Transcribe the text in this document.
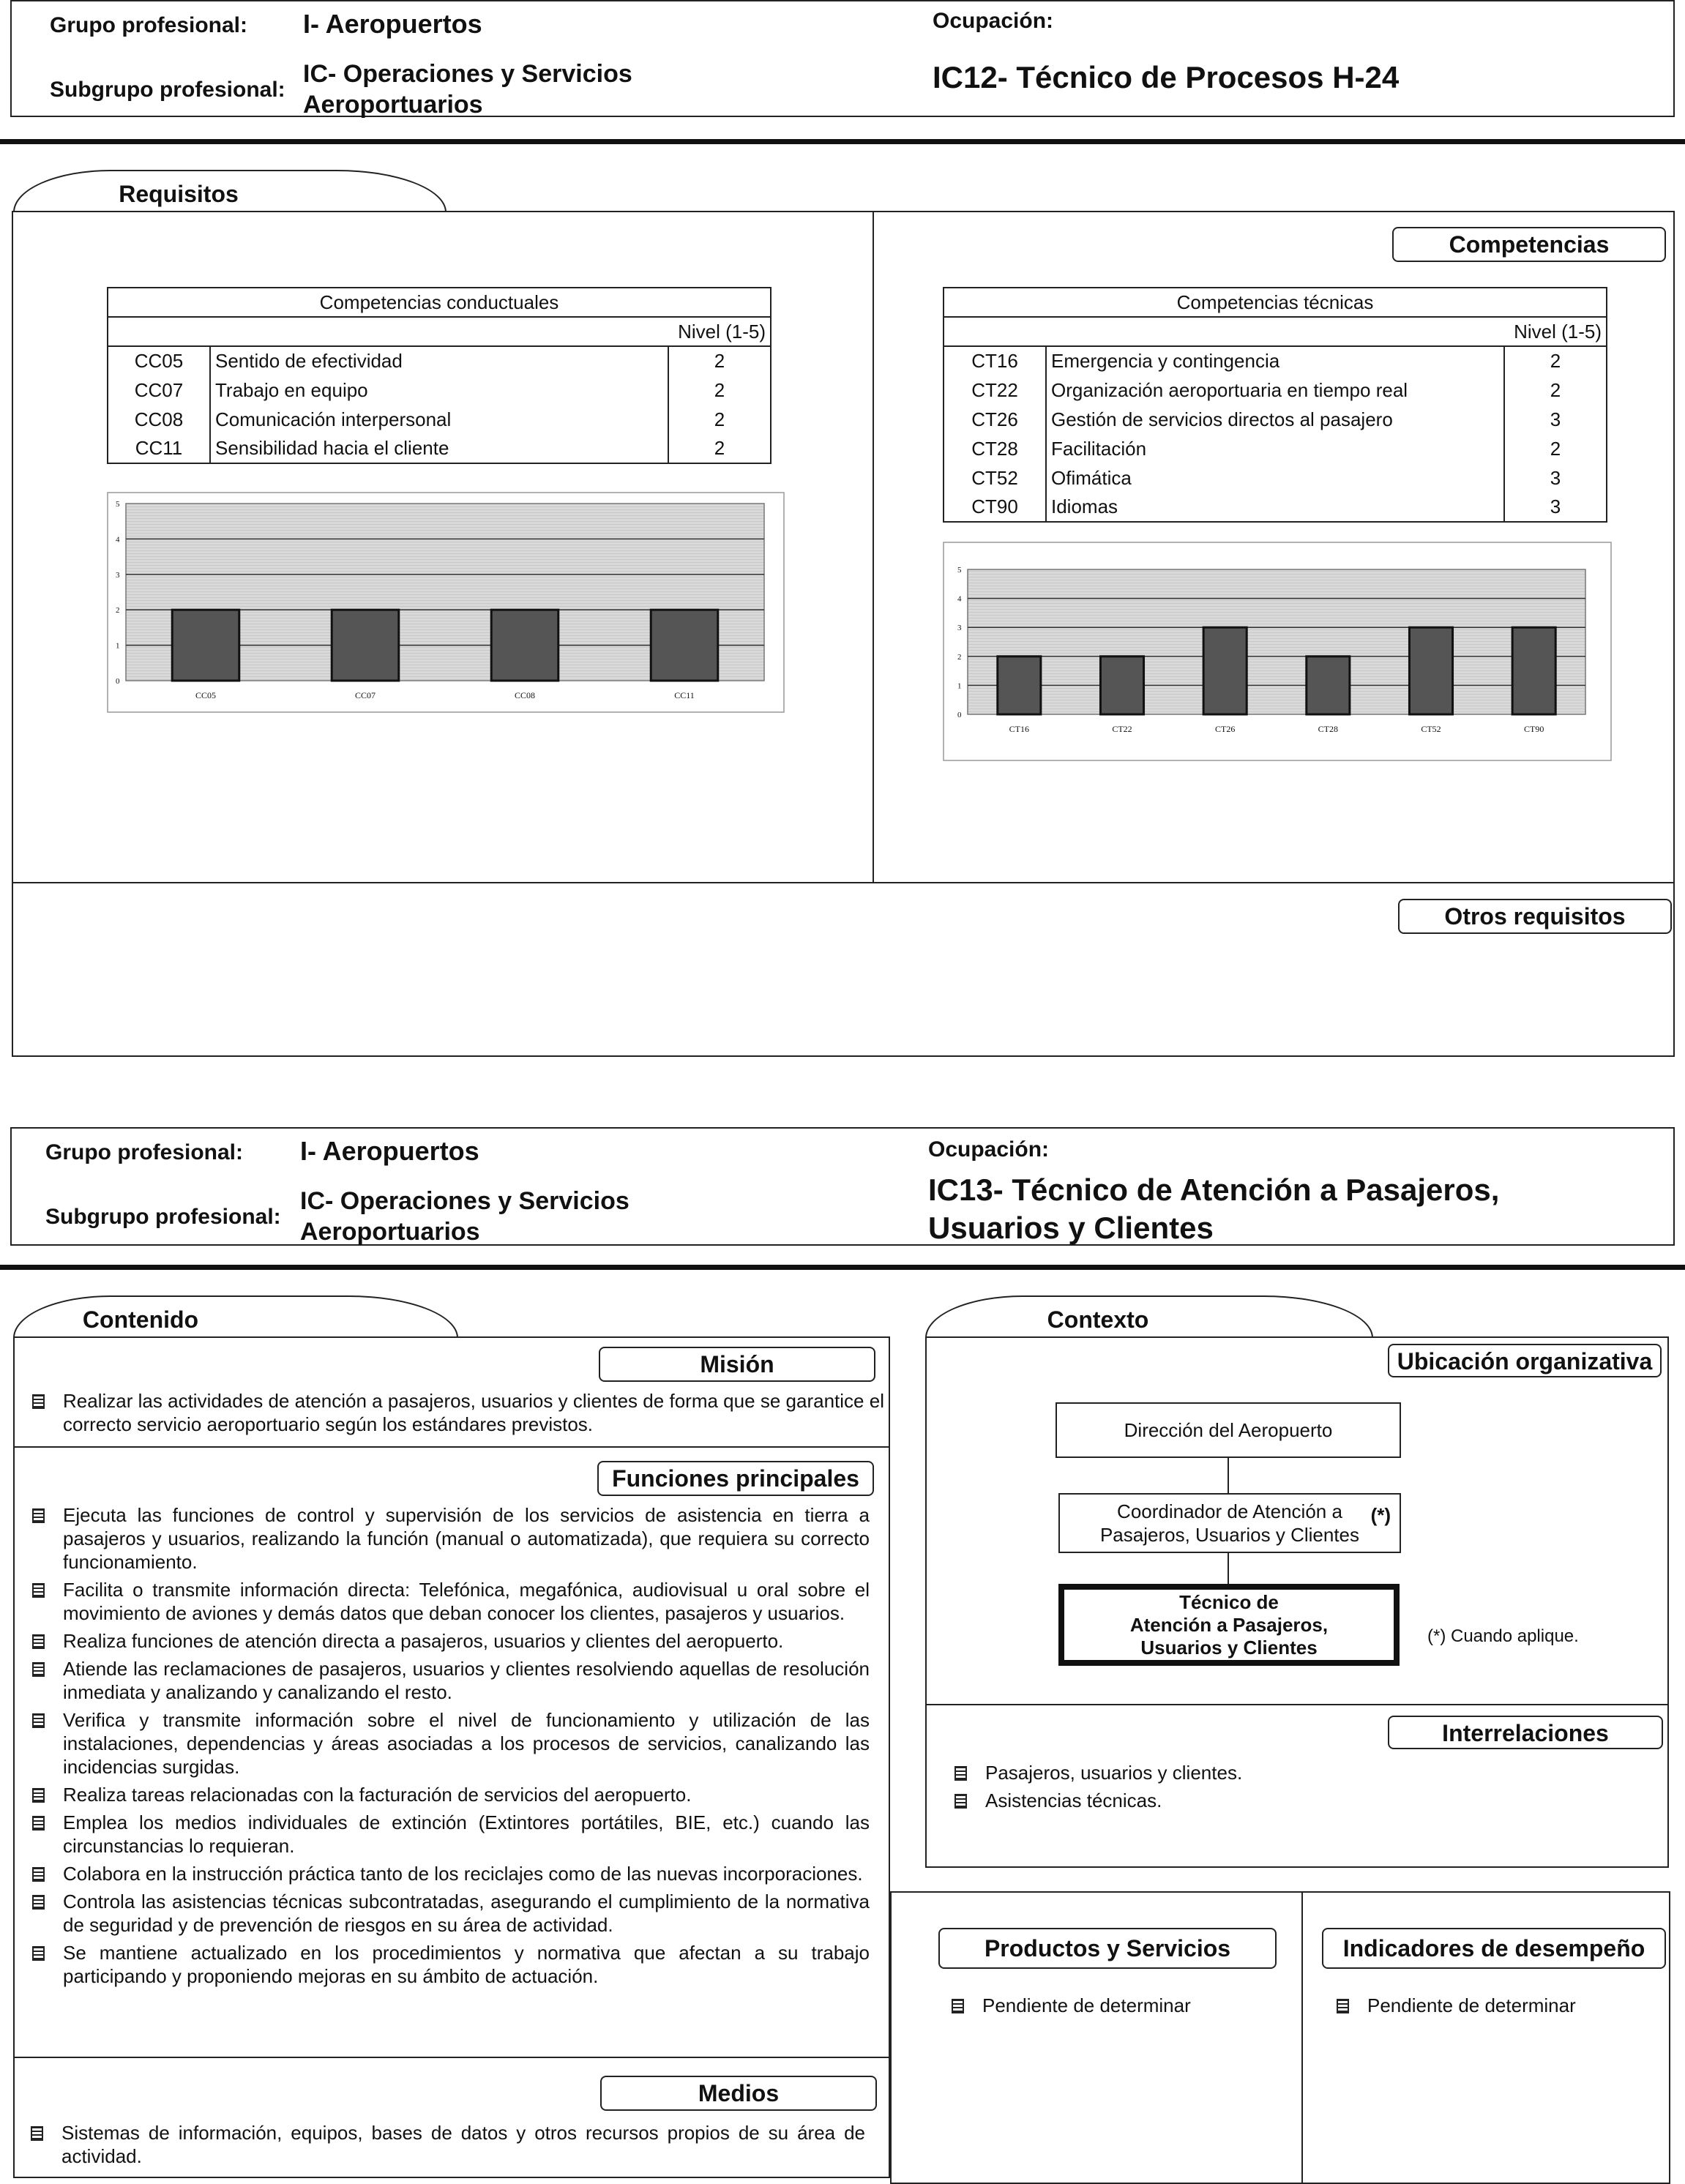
Grupo profesional: I- Aeropuertos
Subgrupo profesional:
IC- Operaciones y Servicios
Aeroportuarios
Ocupación:
IC12- Técnico de Procesos H-24
Requisitos
Competencias
Otros requisitos
Competencias conductuales		
Nivel (1-5)		
CC05	Sentido de efectividad	2
CC07	Trabajo en equipo	2
CC08	Comunicación interpersonal	2
CC11	Sensibilidad hacia el cliente	2
Competencias técnicas		
Nivel (1-5)		
CT16	Emergencia y contingencia	2
CT22	Organización aeroportuaria en tiempo real	2
CT26	Gestión de servicios directos al pasajero	3
CT28	Facilitación	2
CT52	Ofimática	3
CT90	Idiomas	3
0
1
2
3
4
5
CC05	CC07	CC08	CC11
0
1
2
3
4
5
CT16	CT22	CT26	CT28	CT52	CT90
Grupo profesional: I- Aeropuertos
Subgrupo profesional:
IC- Operaciones y Servicios
Aeroportuarios
Ocupación:
IC13- Técnico de Atención a Pasajeros,
Usuarios y Clientes
Contenido
Misión
Realizar las actividades de atención a pasajeros, usuarios y clientes de forma que se garantice el correcto servicio aeroportuario según los estándares previstos.
Funciones principales
Ejecuta las funciones de control y supervisión de los servicios de asistencia en tierra a pasajeros y usuarios, realizando la función (manual o automatizada), que requiera su correcto funcionamiento.
Facilita o transmite información directa: Telefónica, megafónica, audiovisual u oral sobre el movimiento de aviones y demás datos que deban conocer los clientes, pasajeros y usuarios.
Realiza funciones de atención directa a pasajeros, usuarios y clientes del aeropuerto.
Atiende las reclamaciones de pasajeros, usuarios y clientes resolviendo aquellas de resolución inmediata y analizando y canalizando el resto.
Verifica y transmite información sobre el nivel de funcionamiento y utilización de las instalaciones, dependencias y áreas asociadas a los procesos de servicios, canalizando las incidencias surgidas.
Realiza tareas relacionadas con la facturación de servicios del aeropuerto.
Emplea los medios individuales de extinción (Extintores portátiles, BIE, etc.) cuando las circunstancias lo requieran.
Colabora en la instrucción práctica tanto de los reciclajes como de las nuevas incorporaciones.
Controla las asistencias técnicas subcontratadas, asegurando el cumplimiento de la normativa de seguridad y de prevención de riesgos en su área de actividad.
Se mantiene actualizado en los procedimientos y normativa que afectan a su trabajo participando y proponiendo mejoras en su ámbito de actuación.
Medios
Sistemas de información, equipos, bases de datos y otros recursos propios de su área de actividad.
Contexto
Ubicación organizativa
Dirección del Aeropuerto
Coordinador de Atención a
Pasajeros, Usuarios y Clientes
(*)
Técnico de
Atención a Pasajeros,
Usuarios y Clientes	(*) Cuando aplique.
Interrelaciones
Pasajeros, usuarios y clientes.
Asistencias técnicas.
Productos y Servicios	Indicadores de desempeño
Pendiente de determinar	Pendiente de determinar
